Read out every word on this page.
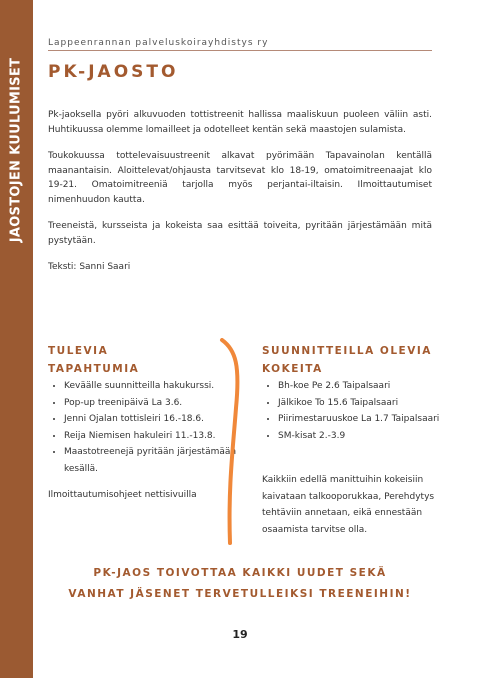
JAOSTOJEN KUULUMISET
Lappeenrannan palveluskoirayhdistys ry
PK-JAOSTO

Pk-jaoksella pyöri alkuvuoden tottistreenit hallissa maaliskuun puoleen väliin asti. Huhtikuussa olemme lomailleet ja odotelleet kentän sekä maastojen sulamista.

Toukokuussa tottelevaisuustreenit alkavat pyörimään Tapavainolan kentällä maanantaisin. Aloittelevat/ohjausta tarvitsevat klo 18-19, omatoimitreenaajat klo 19-21. Omatoimitreeniä tarjolla myös perjantai-iltaisin. Ilmoittautumiset nimenhuudon kautta.

Treeneistä, kursseista ja kokeista saa esittää toiveita, pyritään järjestämään mitä pystytään.

Teksti: Sanni Saari

TULEVIA
TAPAHTUMIA
• Keväälle suunnitteilla hakukurssi.
• Pop-up treenipäivä La 3.6.
• Jenni Ojalan tottisleiri 16.-18.6.
• Reija Niemisen hakuleiri 11.-13.8.
• Maastotreenejä pyritään järjestämään kesällä.
Ilmoittautumisohjeet nettisivuilla
SUUNNITTEILLA OLEVIA
KOKEITA
• Bh-koe Pe 2.6 Taipalsaari
• Jälkikoe To 15.6 Taipalsaari
• Piirimestaruuskoe La 1.7 Taipalsaari
• SM-kisat 2.-3.9
Kaikkiin edellä manittuihin kokeisiin kaivataan talkooporukkaa, Perehdytys tehtäviin annetaan, eikä ennestään osaamista tarvitse olla.
PK-JAOS TOIVOTTAA KAIKKI UUDET SEKÄ
VANHAT JÄSENET TERVETULLEIKSI TREENEIHIN!
19
